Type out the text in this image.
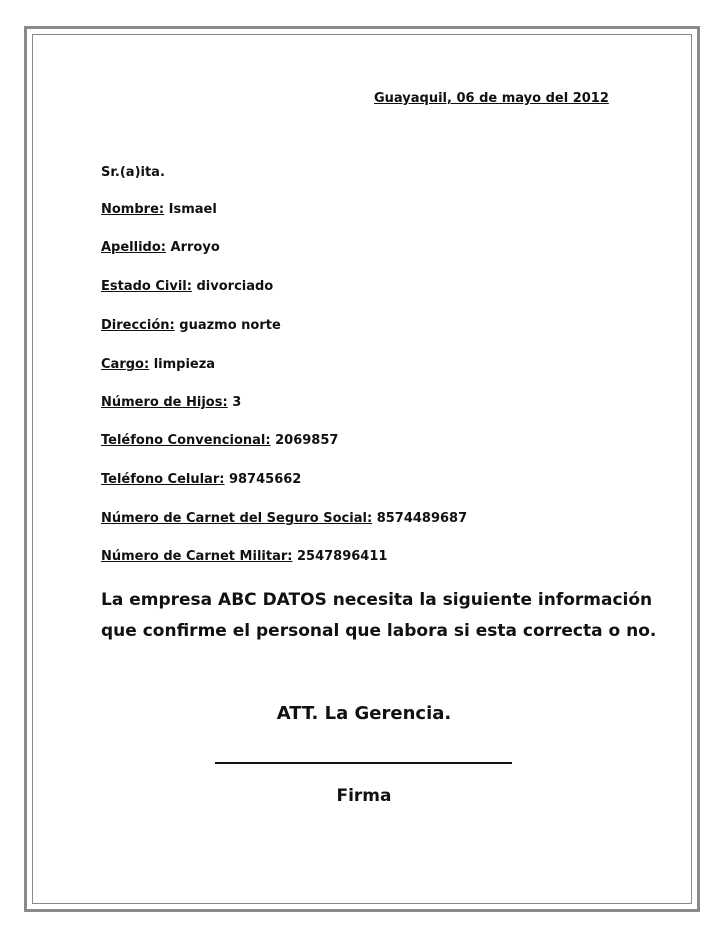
Guayaquil, 06 de mayo del 2012
Sr.(a)ita.
Nombre: Ismael
Apellido: Arroyo
Estado Civil: divorciado
Dirección: guazmo norte
Cargo: limpieza
Número de Hijos: 3
Teléfono Convencional: 2069857
Teléfono Celular: 98745662
Número de Carnet del Seguro Social: 8574489687
Número de Carnet Militar: 2547896411
La empresa ABC DATOS necesita la siguiente información
que confirme el personal que labora si esta correcta o no.
ATT. La Gerencia.
Firma
